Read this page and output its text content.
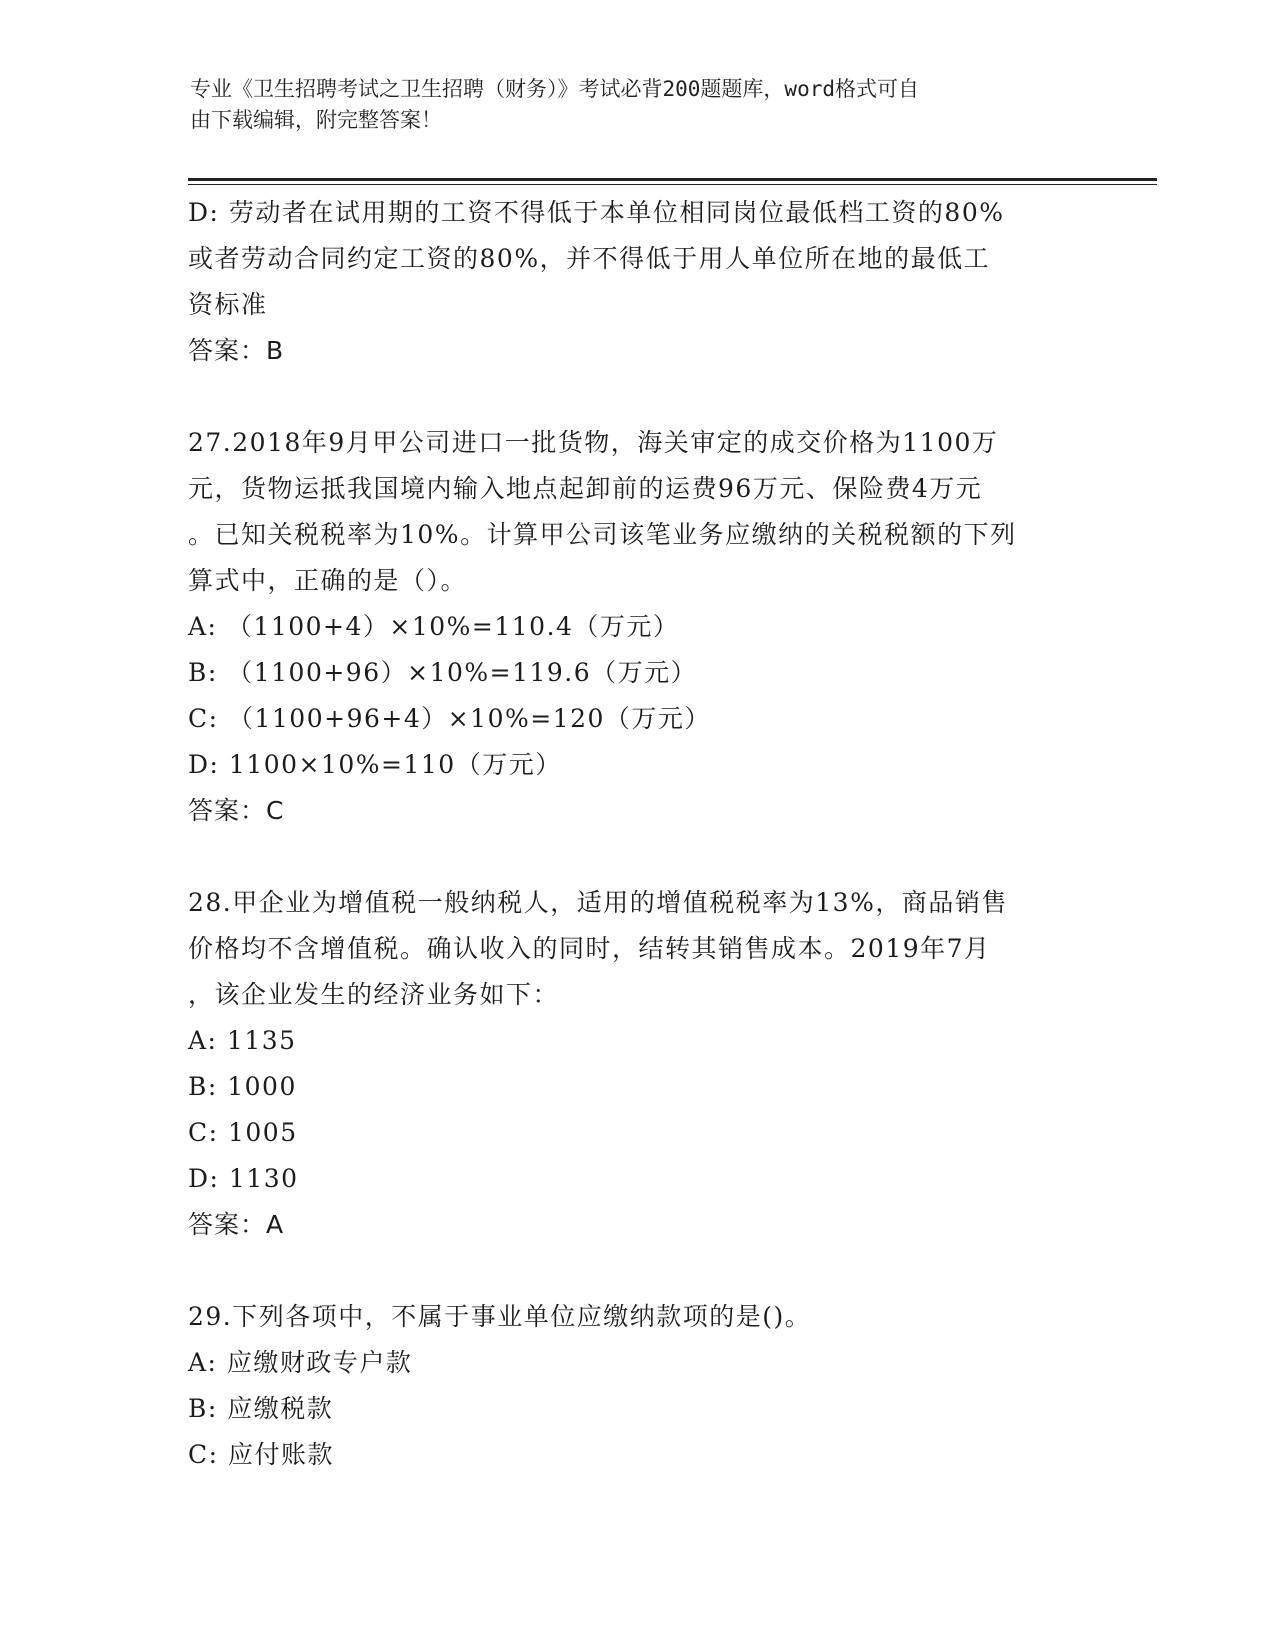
专业《卫生招聘考试之卫生招聘（财务）》考试必背200题题库，word格式可自
由下载编辑，附完整答案！
D: 劳动者在试用期的工资不得低于本单位相同岗位最低档工资的80%
或者劳动合同约定工资的80%，并不得低于用人单位所在地的最低工
资标准
答案：B
27.2018年9月甲公司进口一批货物，海关审定的成交价格为1100万
元，货物运抵我国境内输入地点起卸前的运费96万元、保险费4万元
。已知关税税率为10%。计算甲公司该笔业务应缴纳的关税税额的下列
算式中，正确的是（）。
A: （1100+4）×10%=110.4（万元）
B: （1100+96）×10%=119.6（万元）
C: （1100+96+4）×10%=120（万元）
D: 1100×10%=110（万元）
答案：C
28.甲企业为增值税一般纳税人，适用的增值税税率为13%，商品销售
价格均不含增值税。确认收入的同时，结转其销售成本。2019年7月
，该企业发生的经济业务如下：
A: 1135
B: 1000
C: 1005
D: 1130
答案：A
29.下列各项中，不属于事业单位应缴纳款项的是()。
A: 应缴财政专户款
B: 应缴税款
C: 应付账款
